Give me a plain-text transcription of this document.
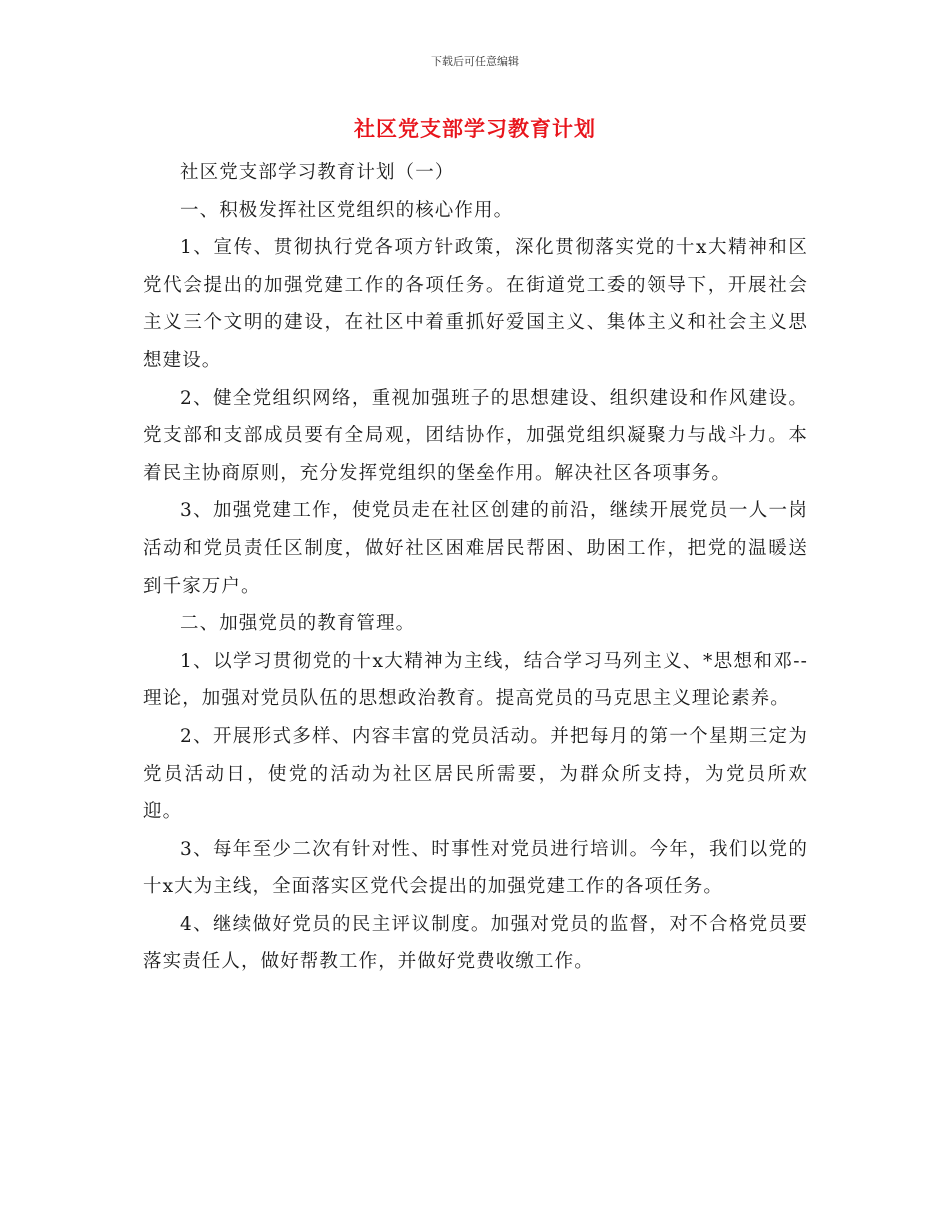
下载后可任意编辑
社区党支部学习教育计划

社区党支部学习教育计划（一）

一、积极发挥社区党组织的核心作用。

1、宣传、贯彻执行党各项方针政策，深化贯彻落实党的十x大精神和区党代会提出的加强党建工作的各项任务。在街道党工委的领导下，开展社会主义三个文明的建设，在社区中着重抓好爱国主义、集体主义和社会主义思想建设。

2、健全党组织网络，重视加强班子的思想建设、组织建设和作风建设。党支部和支部成员要有全局观，团结协作，加强党组织凝聚力与战斗力。本着民主协商原则，充分发挥党组织的堡垒作用。解决社区各项事务。

3、加强党建工作，使党员走在社区创建的前沿，继续开展党员一人一岗活动和党员责任区制度，做好社区困难居民帮困、助困工作，把党的温暖送到千家万户。

二、加强党员的教育管理。

1、以学习贯彻党的十x大精神为主线，结合学习马列主义、*思想和邓--理论，加强对党员队伍的思想政治教育。提高党员的马克思主义理论素养。

2、开展形式多样、内容丰富的党员活动。并把每月的第一个星期三定为党员活动日，使党的活动为社区居民所需要，为群众所支持，为党员所欢迎。

3、每年至少二次有针对性、时事性对党员进行培训。今年，我们以党的十x大为主线，全面落实区党代会提出的加强党建工作的各项任务。

4、继续做好党员的民主评议制度。加强对党员的监督，对不合格党员要落实责任人，做好帮教工作，并做好党费收缴工作。
